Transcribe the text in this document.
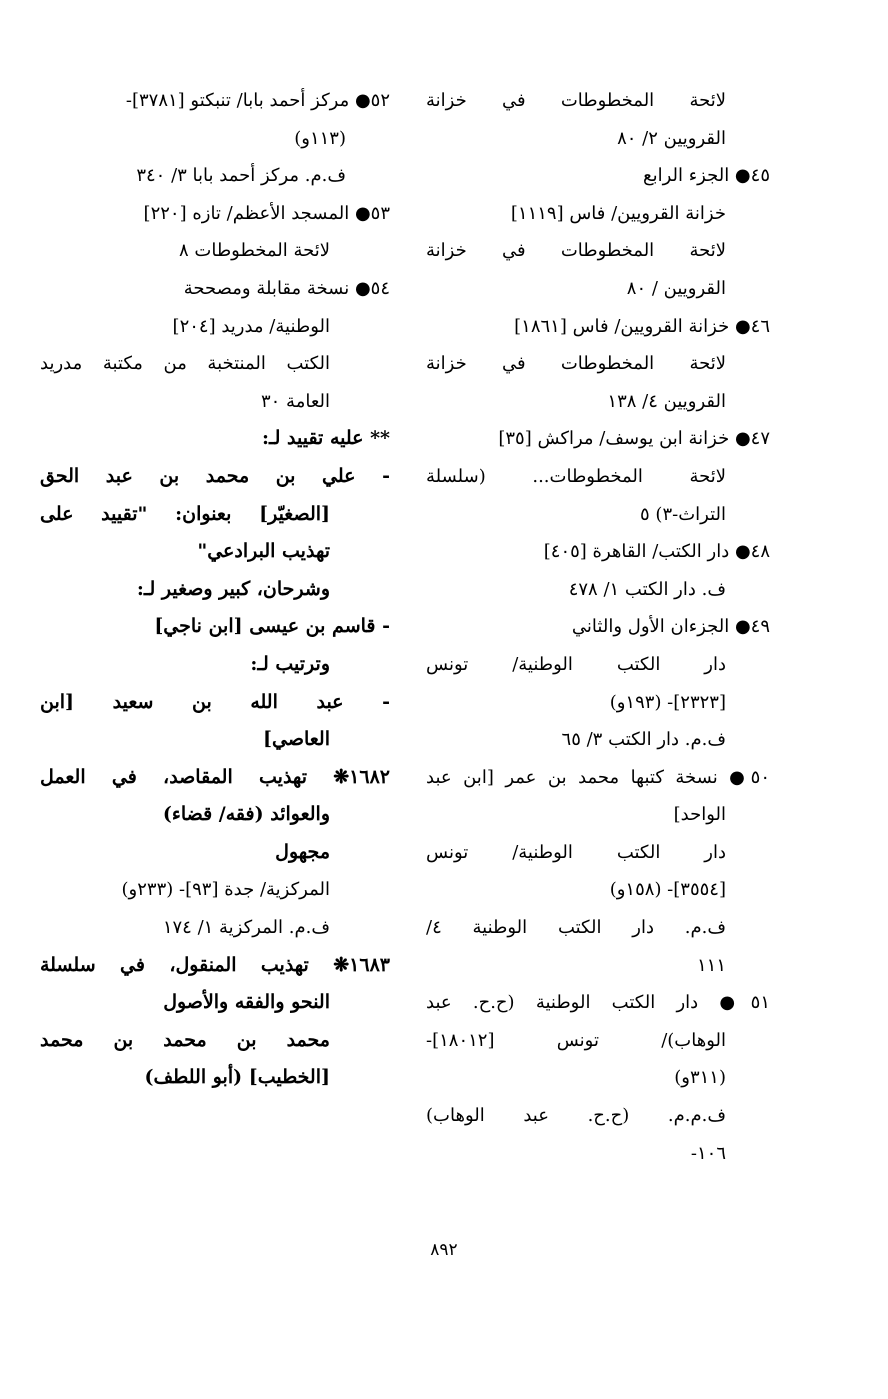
لائحة المخطوطات في خزانة
القرويين ٢/ ٨٠
٤٥● الجزء الرابع
خزانة القرويين/ فاس [١١١٩]
لائحة المخطوطات في خزانة
القرويين / ٨٠
٤٦● خزانة القرويين/ فاس [١٨٦١]
لائحة المخطوطات في خزانة
القرويين ٤/ ١٣٨
٤٧● خزانة ابن يوسف/ مراكش [٣٥]
لائحة المخطوطات... (سلسلة
التراث-٣) ٥
٤٨● دار الكتب/ القاهرة [٤٠٥]
ف. دار الكتب ١/ ٤٧٨
٤٩● الجزءان الأول والثاني
دار الكتب الوطنية/ تونس
[٢٣٢٣]- (١٩٣و)
ف.م. دار الكتب ٣/ ٦٥
٥٠● نسخة كتبها محمد بن عمر [ابن عبد
الواحد]
دار الكتب الوطنية/ تونس
[٣٥٥٤]- (١٥٨و)
ف.م. دار الكتب الوطنية ٤/
١١١
٥١● دار الكتب الوطنية (ح.ح. عبد
الوهاب)/ تونس [١٨٠١٢]-
(٣١١و)
ف.م.م. (ح.ح. عبد الوهاب)
١٠٦-
٥٢● مركز أحمد بابا/ تنبكتو [٣٧٨١]-
(١١٣و)
ف.م. مركز أحمد بابا ٣/ ٣٤٠
٥٣● المسجد الأعظم/ تازه [٢٢٠]
لائحة المخطوطات ٨
٥٤● نسخة مقابلة ومصححة
الوطنية/ مدريد [٢٠٤]
الكتب المنتخبة من مكتبة مدريد
العامة ٣٠
** عليه تقييد لـ:
- علي بن محمد بن عبد الحق
[الصغيّر] بعنوان: "تقييد على
تهذيب البرادعي"
وشرحان، كبير وصغير لـ:
- قاسم بن عيسى [ابن ناجي]
وترتيب لـ:
- عبد الله بن سعيد [ابن
العاصي]
١٦٨٢❋ تهذيب المقاصد، في العمل
والعوائد (فقه/ قضاء)
مجهول
المركزية/ جدة [٩٣]- (٢٣٣و)
ف.م. المركزية ١/ ١٧٤
١٦٨٣❋ تهذيب المنقول، في سلسلة
النحو والفقه والأصول
محمد بن محمد بن محمد
[الخطيب] (أبو اللطف)
٨٩٢
